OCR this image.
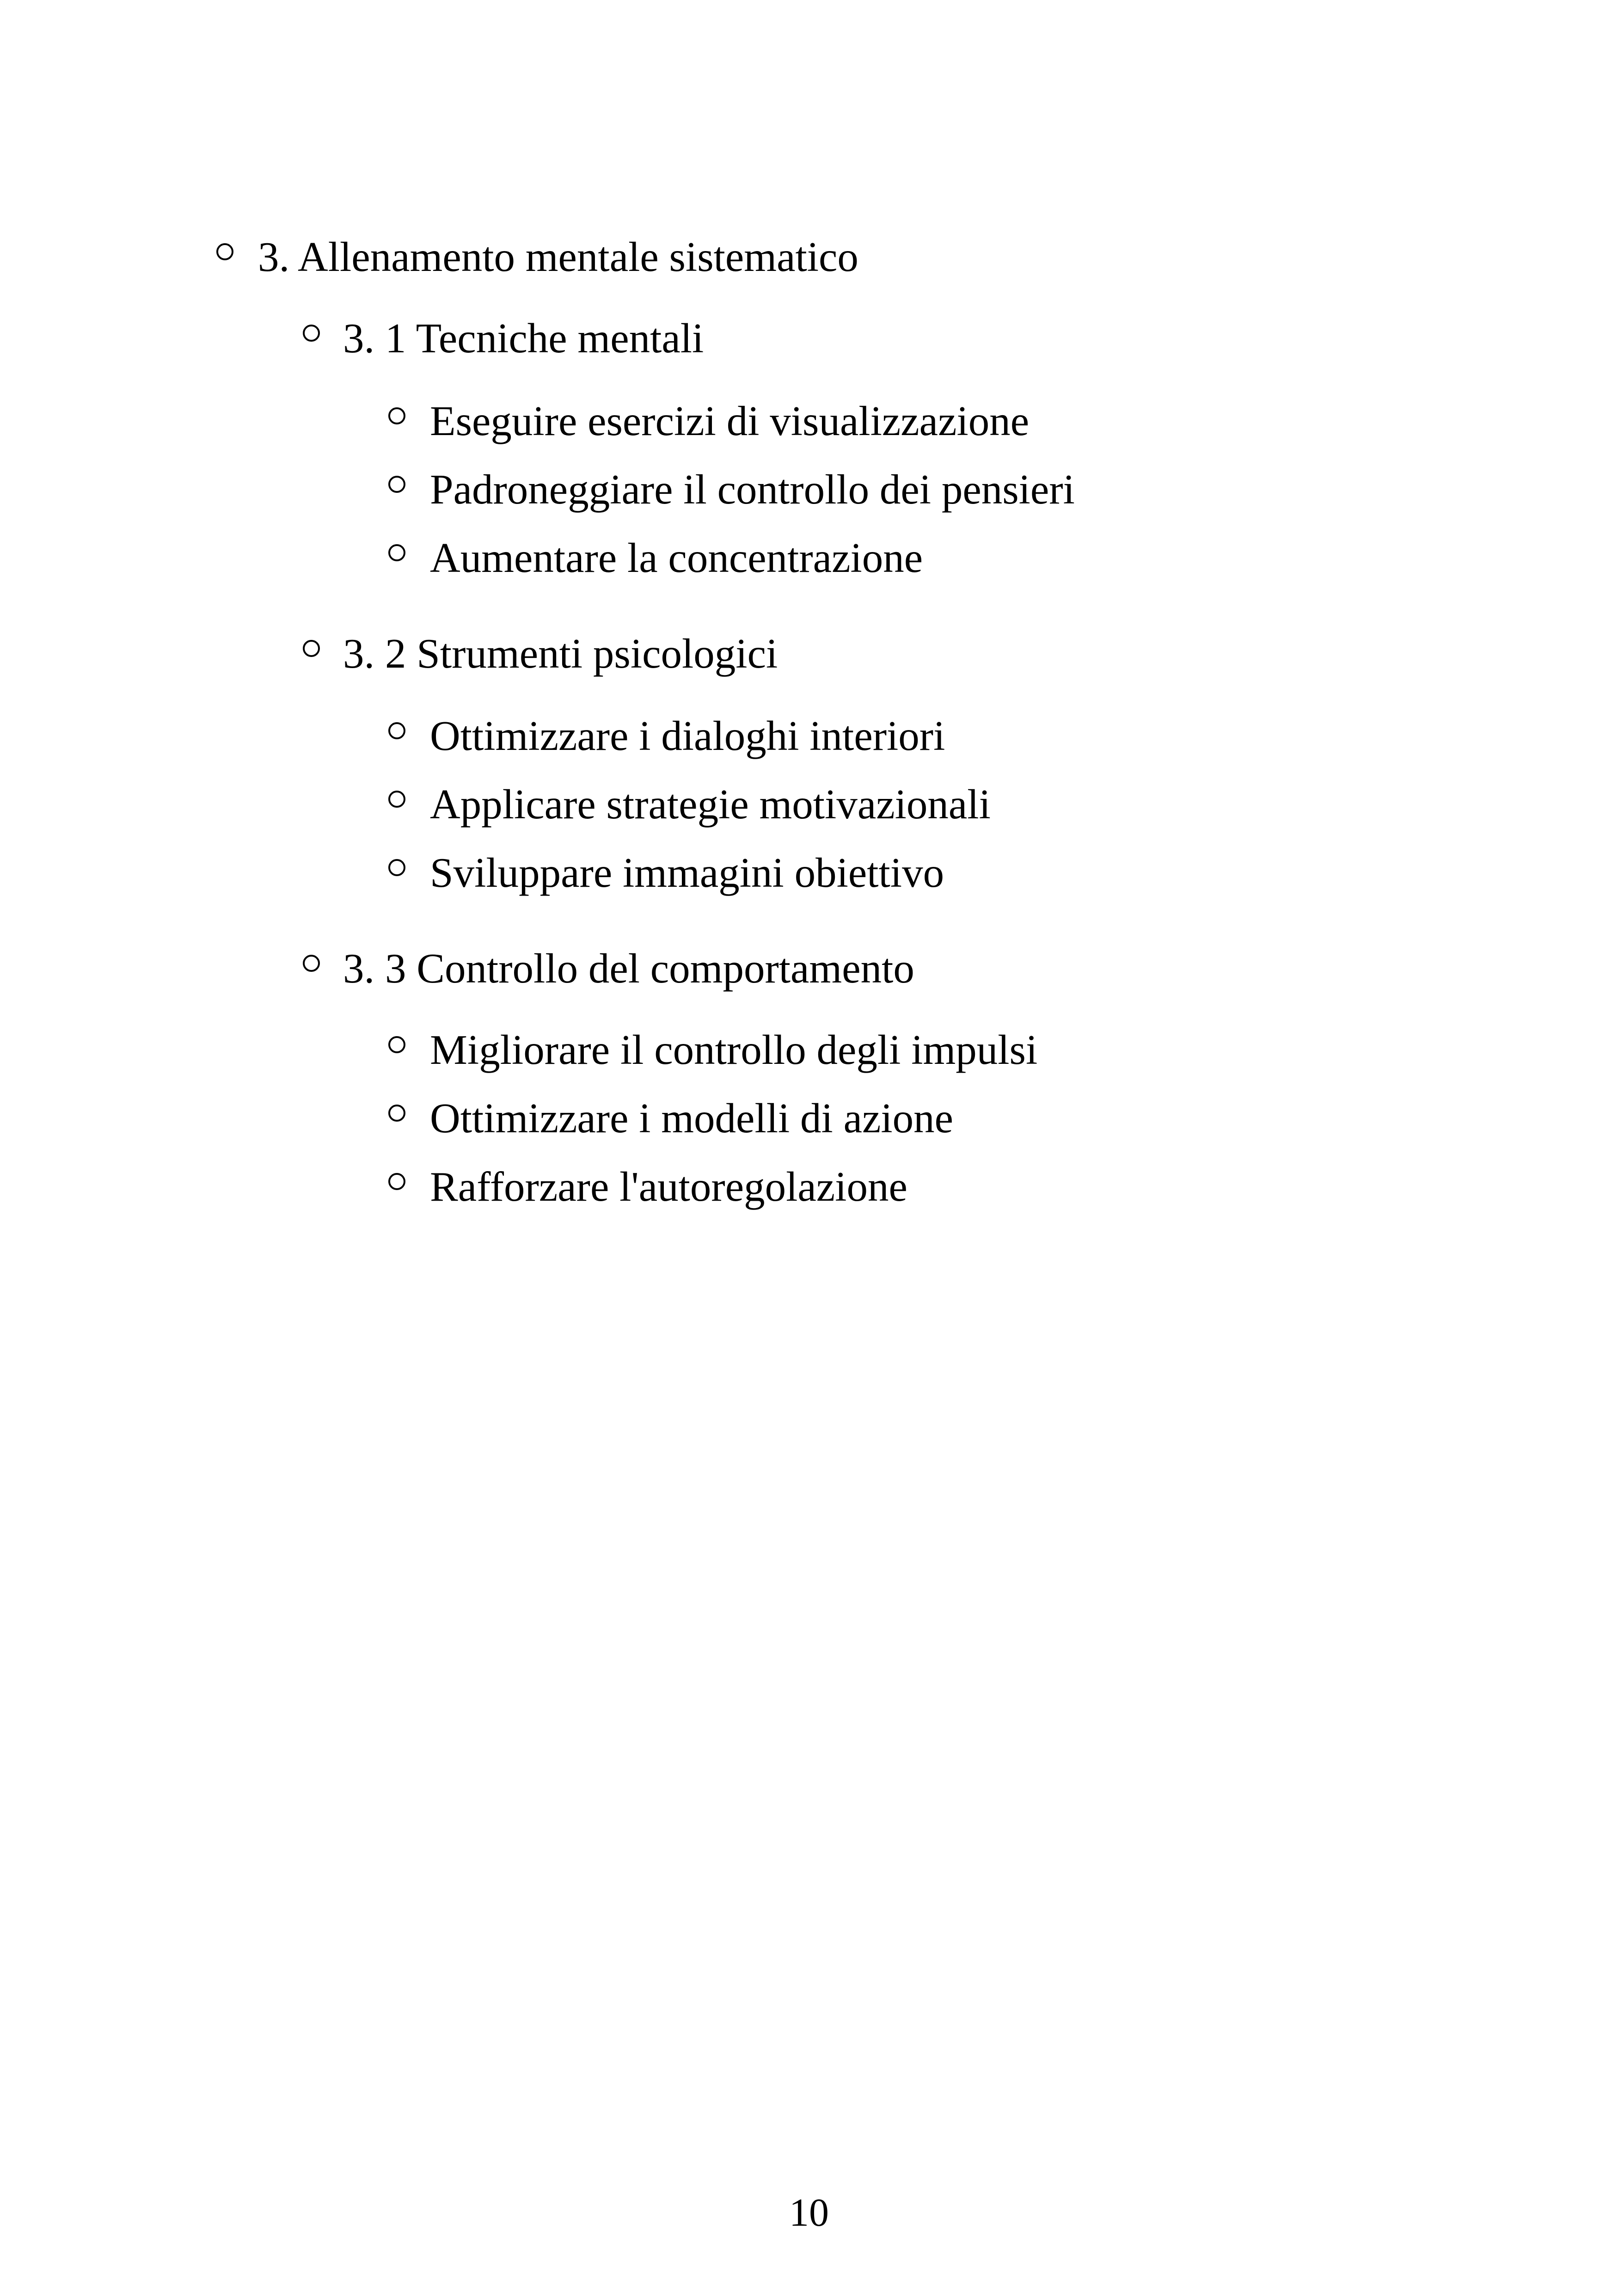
3. Allenamento mentale sistematico
3. 1 Tecniche mentali
Eseguire esercizi di visualizzazione
Padroneggiare il controllo dei pensieri
Aumentare la concentrazione
3. 2 Strumenti psicologici
Ottimizzare i dialoghi interiori
Applicare strategie motivazionali
Sviluppare immagini obiettivo
3. 3 Controllo del comportamento
Migliorare il controllo degli impulsi
Ottimizzare i modelli di azione
Rafforzare l'autoregolazione
10
